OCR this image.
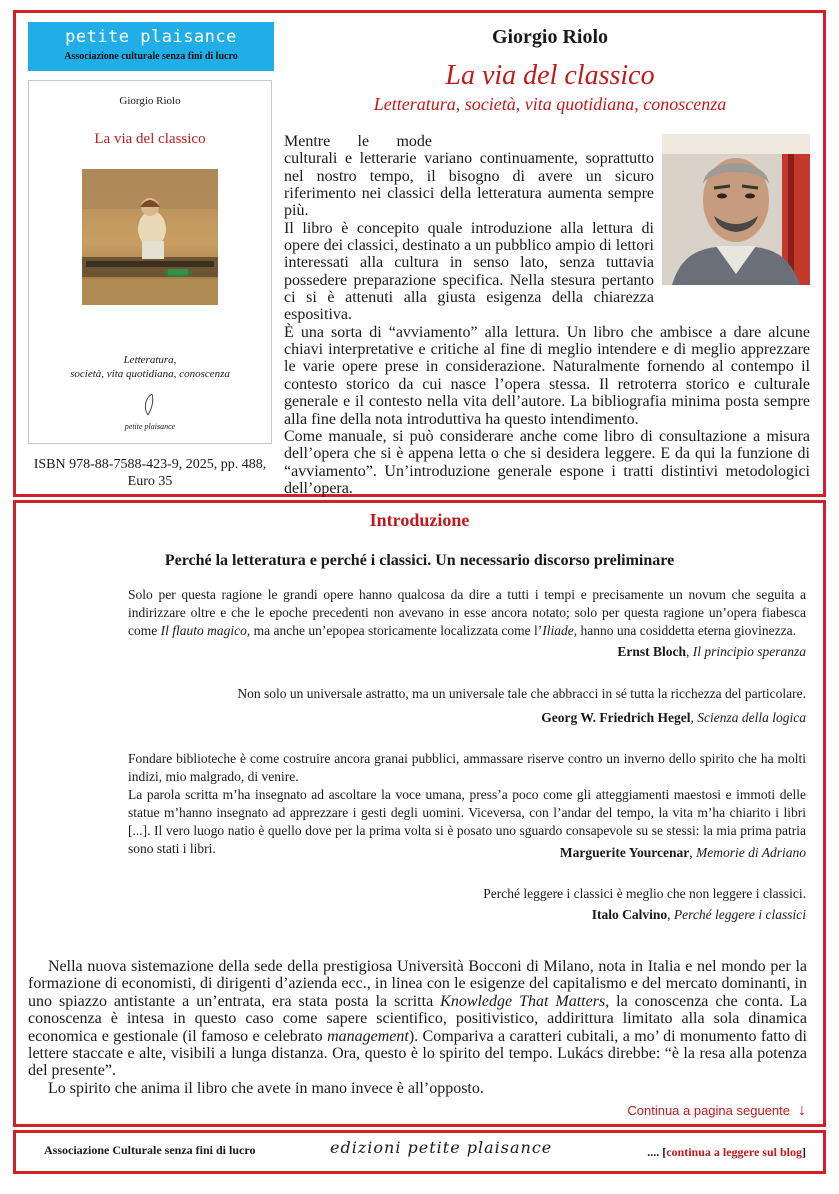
petite plaisance
Associazione culturale senza fini di lucro
Giorgio Riolo
La via del classico
Letteratura,
società, vita quotidiana, conoscenza
petite plaisance
ISBN 978-88-7588-423-9, 2025, pp. 488,
Euro 35
Giorgio Riolo
La via del classico
Letteratura, società, vita quotidiana, conoscenza

Mentre le mode culturali e letterarie variano continuamente, soprattutto nel nostro tempo, il bisogno di avere un sicuro riferimento nei classici della letteratura aumenta sempre più.

Il libro è concepito quale introduzione alla lettura di opere dei classici, destinato a un pubblico ampio di lettori interessati alla cultura in senso lato, senza tuttavia possedere preparazione specifica. Nella stesura pertanto ci si è attenuti alla giusta esigenza della chiarezza espositiva.

È una sorta di “avviamento” alla lettura. Un libro che ambisce a dare alcune chiavi interpretative e critiche al fine di meglio intendere e di meglio apprezzare le varie opere prese in considerazione. Naturalmente fornendo al contempo il contesto storico da cui nasce l’opera stessa. Il retroterra storico e culturale generale e il contesto nella vita dell’autore. La bibliografia minima posta sempre alla fine della nota introduttiva ha questo intendimento.

Come manuale, si può considerare anche come libro di consultazione a misura dell’opera che si è appena letta o che si desidera leggere. E da qui la funzione di “avviamento”. Un’introduzione generale espone i tratti distintivi metodologici dell’opera.

Introduzione
Perché la letteratura e perché i classici. Un necessario discorso preliminare

Solo per questa ragione le grandi opere hanno qualcosa da dire a tutti i tempi e precisamente un novum che seguita a indirizzare oltre e che le epoche precedenti non avevano in esse ancora notato; solo per questa ragione un’opera fiabesca come Il flauto magico, ma anche un’epopea storicamente localizzata come l’Iliade, hanno una cosiddetta eterna giovinezza.

Ernst Bloch, Il principio speranza
Non solo un universale astratto, ma un universale tale che abbracci in sé tutta la ricchezza del particolare.
Georg W. Friedrich Hegel, Scienza della logica

Fondare biblioteche è come costruire ancora granai pubblici, ammassare riserve contro un inverno dello spirito che ha molti indizi, mio malgrado, di venire.

La parola scritta m’ha insegnato ad ascoltare la voce umana, press’a poco come gli atteggiamenti maestosi e immoti delle statue m’hanno insegnato ad apprezzare i gesti degli uomini. Viceversa, con l’andar del tempo, la vita m’ha chiarito i libri [...]. Il vero luogo natio è quello dove per la prima volta si è posato uno sguardo consapevole su se stessi: la mia prima patria sono stati i libri.	Marguerite Yourcenar, Memorie di Adriano
Perché leggere i classici è meglio che non leggere i classici.
Italo Calvino, Perché leggere i classici

Nella nuova sistemazione della sede della prestigiosa Università Bocconi di Milano, nota in Italia e nel mondo per la formazione di economisti, di dirigenti d’azienda ecc., in linea con le esigenze del capitalismo e del mercato dominanti, in uno spiazzo antistante a un’entrata, era stata posta la scritta Knowledge That Matters, la conoscenza che conta. La conoscenza è intesa in questo caso come sapere scientifico, positivistico, addirittura limitato alla sola dinamica economica e gestionale (il famoso e celebrato management). Compariva a caratteri cubitali, a mo’ di monumento fatto di lettere staccate e alte, visibili a lunga distanza. Ora, questo è lo spirito del tempo. Lukács direbbe: “è la resa alla potenza del presente”.

Lo spirito che anima il libro che avete in mano invece è all’opposto.

Continua a pagina seguente ↓
Associazione Culturale senza fini di lucro	edizioni petite plaisance	.... [continua a leggere sul blog]
